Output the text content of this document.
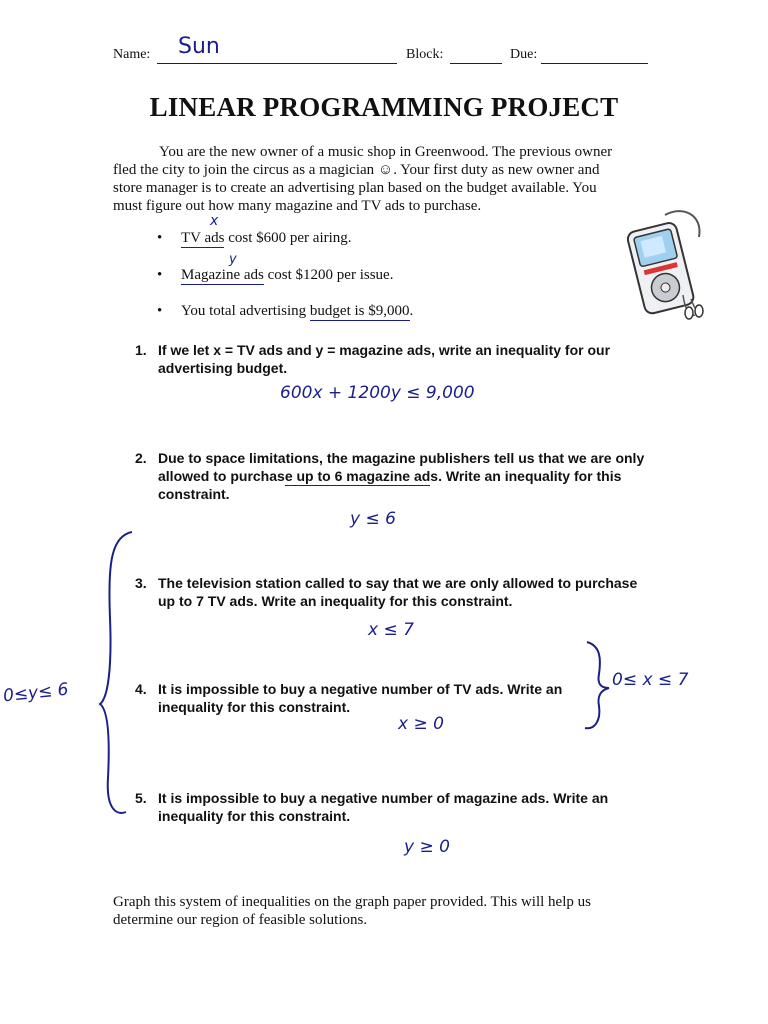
Name: Sun	Block:	Due:
LINEAR PROGRAMMING PROJECT
You are the new owner of a music shop in Greenwood. The previous owner fled the city to join the circus as a magician ☺. Your first duty as new owner and store manager is to create an advertising plan based on the budget available. You must figure out how many magazine and TV ads to purchase.
x
y
• TV ads cost $600 per airing.
• Magazine ads cost $1200 per issue.
• You total advertising budget is $9,000.
1. If we let x = TV ads and y = magazine ads, write an inequality for our advertising budget.
600x + 1200y ≤ 9,000
2. Due to space limitations, the magazine publishers tell us that we are only allowed to purchase up to 6 magazine ads. Write an inequality for this constraint.
y ≤ 6
3. The television station called to say that we are only allowed to purchase up to 7 TV ads. Write an inequality for this constraint.
x ≤ 7
4. It is impossible to buy a negative number of TV ads. Write an inequality for this constraint.
x ≥ 0
5. It is impossible to buy a negative number of magazine ads. Write an inequality for this constraint.
y ≥ 0
0≤y≤ 6	0≤ x ≤ 7
Graph this system of inequalities on the graph paper provided. This will help us determine our region of feasible solutions.
